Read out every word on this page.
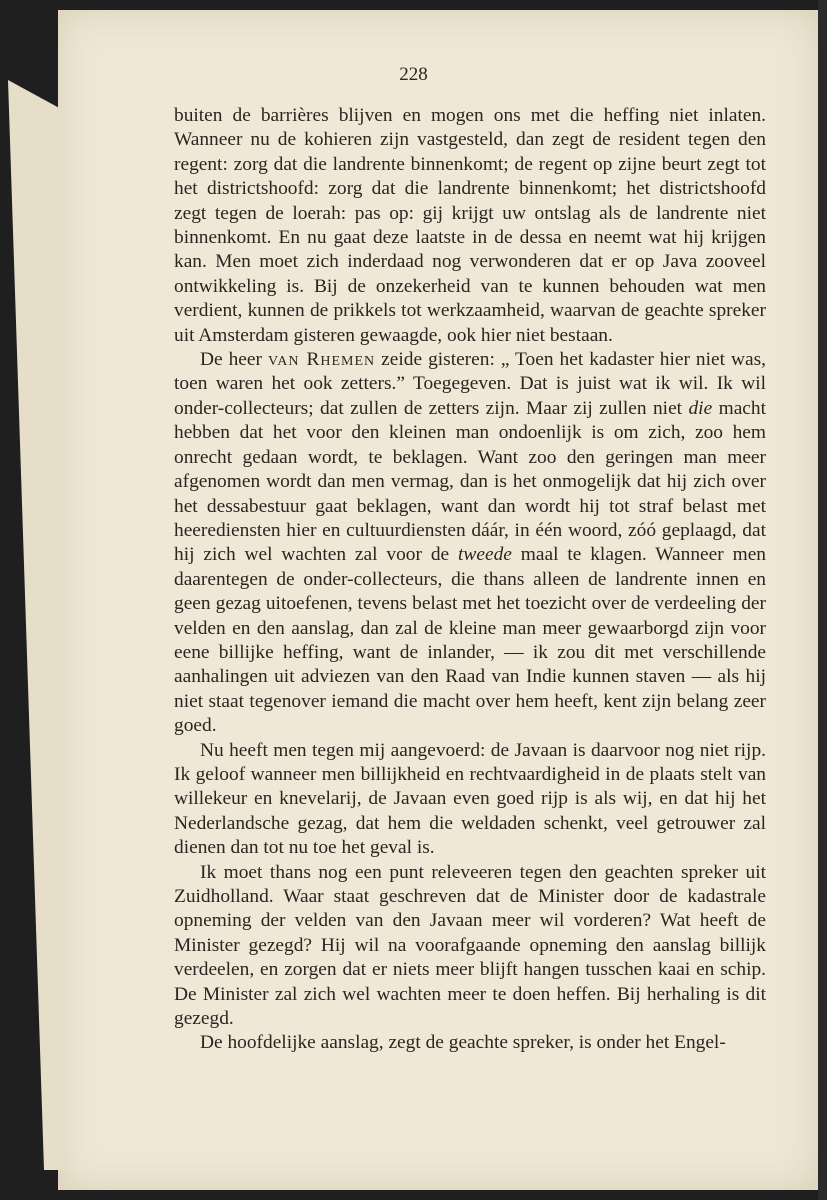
228

buiten de barrières blijven en mogen ons met die heffing niet inlaten. Wanneer nu de kohieren zijn vastgesteld, dan zegt de resident tegen den regent: zorg dat die landrente binnenkomt; de regent op zijne beurt zegt tot het districtshoofd: zorg dat die landrente binnenkomt; het districtshoofd zegt tegen de loerah: pas op: gij krijgt uw ontslag als de landrente niet binnenkomt. En nu gaat deze laatste in de dessa en neemt wat hij krijgen kan. Men moet zich inderdaad nog verwonderen dat er op Java zooveel ontwikkeling is. Bij de onzekerheid van te kunnen behouden wat men verdient, kunnen de prikkels tot werkzaamheid, waarvan de geachte spreker uit Amsterdam gisteren gewaagde, ook hier niet bestaan.

De heer van Rhemen zeide gisteren: „ Toen het kadaster hier niet was, toen waren het ook zetters.” Toegegeven. Dat is juist wat ik wil. Ik wil onder-collecteurs; dat zullen de zetters zijn. Maar zij zullen niet die macht hebben dat het voor den kleinen man ondoenlijk is om zich, zoo hem onrecht gedaan wordt, te beklagen. Want zoo den geringen man meer afgenomen wordt dan men vermag, dan is het onmogelijk dat hij zich over het dessabestuur gaat beklagen, want dan wordt hij tot straf belast met heerediensten hier en cultuurdiensten dáár, in één woord, zóó geplaagd, dat hij zich wel wachten zal voor de tweede maal te klagen. Wanneer men daarentegen de onder-collecteurs, die thans alleen de landrente innen en geen gezag uitoefenen, tevens belast met het toezicht over de verdeeling der velden en den aanslag, dan zal de kleine man meer gewaarborgd zijn voor eene billijke heffing, want de inlander, — ik zou dit met verschillende aanhalingen uit adviezen van den Raad van Indie kunnen staven — als hij niet staat tegenover iemand die macht over hem heeft, kent zijn belang zeer goed.

Nu heeft men tegen mij aangevoerd: de Javaan is daarvoor nog niet rijp. Ik geloof wanneer men billijkheid en rechtvaardigheid in de plaats stelt van willekeur en knevelarij, de Javaan even goed rijp is als wij, en dat hij het Nederlandsche gezag, dat hem die weldaden schenkt, veel getrouwer zal dienen dan tot nu toe het geval is.

Ik moet thans nog een punt releveeren tegen den geachten spreker uit Zuidholland. Waar staat geschreven dat de Minister door de kadastrale opneming der velden van den Javaan meer wil vorderen? Wat heeft de Minister gezegd? Hij wil na voorafgaande opneming den aanslag billijk verdeelen, en zorgen dat er niets meer blijft hangen tusschen kaai en schip. De Minister zal zich wel wachten meer te doen heffen. Bij herhaling is dit gezegd.

De hoofdelijke aanslag, zegt de geachte spreker, is onder het Engel-
